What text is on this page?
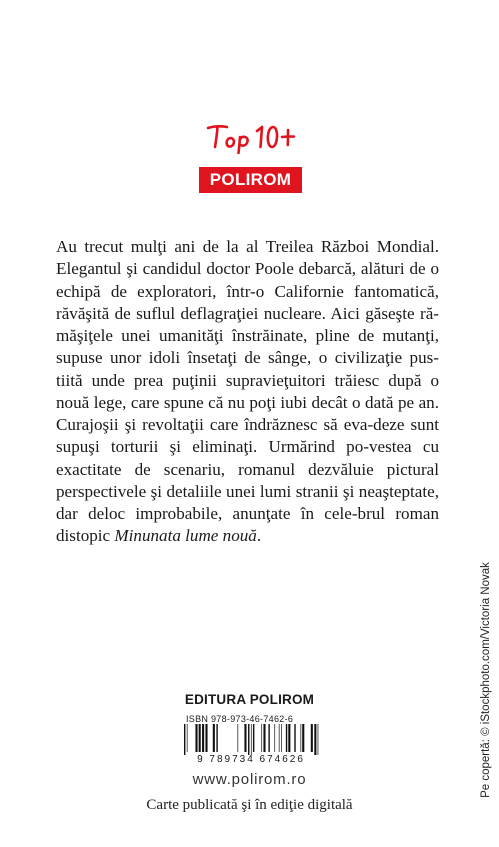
POLIROM
Au trecut mulţi ani de la al Treilea Război Mondial. Elegantul şi candidul doctor Poole debarcă, alături de o echipă de exploratori, într-o Californie fantomatică, răvăşită de suflul deflagraţiei nucleare. Aici găseşte ră-măşiţele unei umanităţi înstrăinate, pline de mutanţi, supuse unor idoli însetaţi de sânge, o civilizaţie pus-tiită unde prea puţinii supravieţuitori trăiesc după o nouă lege, care spune că nu poţi iubi decât o dată pe an. Curajoşii şi revoltaţii care îndrăznesc să eva-deze sunt supuşi torturii şi eliminaţi. Urmărind po-vestea cu exactitate de scenariu, romanul dezvăluie pictural perspectivele şi detaliile unei lumi stranii şi neaşteptate, dar deloc improbabile, anunţate în cele-brul roman distopic Minunata lume nouă.
Pe copertă: © iStockphoto.com/Victoria Novak
EDITURA POLIROM
ISBN 978-973-46-7462-6
9 789734 674626
www.polirom.ro
Carte publicată şi în ediţie digitală
